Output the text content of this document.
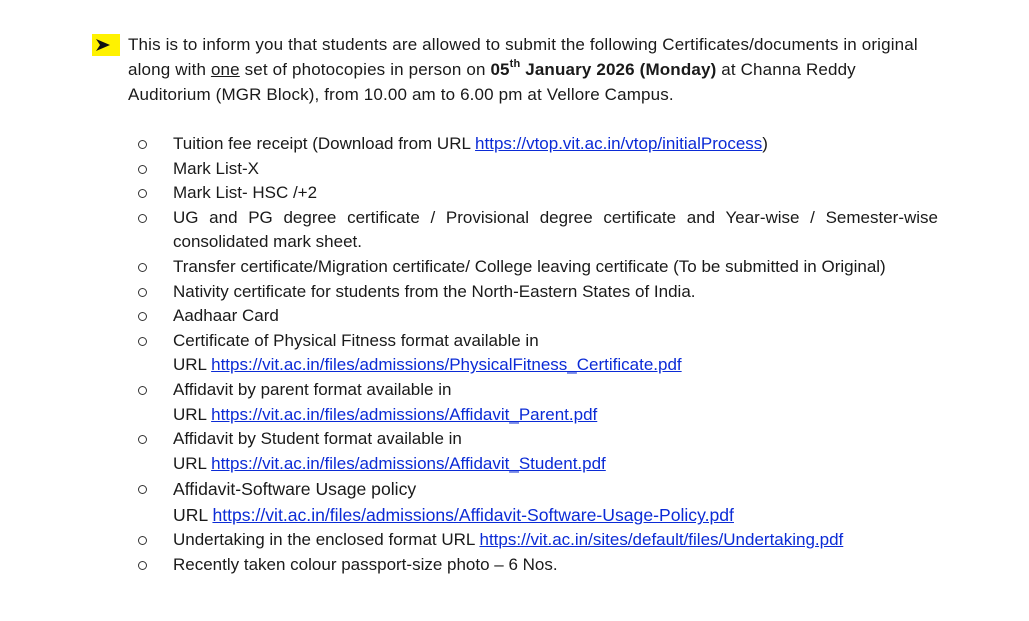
This is to inform you that students are allowed to submit the following Certificates/documents in original along with one set of photocopies in person on 05th January 2026 (Monday) at Channa Reddy Auditorium (MGR Block), from 10.00 am to 6.00 pm at Vellore Campus.
Tuition fee receipt (Download from URL https://vtop.vit.ac.in/vtop/initialProcess)
Mark List-X
Mark List- HSC /+2
UG and PG degree certificate / Provisional degree certificate and Year-wise / Semester-wise consolidated mark sheet.
Transfer certificate/Migration certificate/ College leaving certificate (To be submitted in Original)
Nativity certificate for students from the North-Eastern States of India.
Aadhaar Card
Certificate of Physical Fitness format available in
URL https://vit.ac.in/files/admissions/PhysicalFitness_Certificate.pdf
Affidavit by parent format available in
URL https://vit.ac.in/files/admissions/Affidavit_Parent.pdf
Affidavit by Student format available in
URL https://vit.ac.in/files/admissions/Affidavit_Student.pdf
Affidavit-Software Usage policy
URL https://vit.ac.in/files/admissions/Affidavit-Software-Usage-Policy.pdf
Undertaking in the enclosed format URL https://vit.ac.in/sites/default/files/Undertaking.pdf
Recently taken colour passport-size photo – 6 Nos.
